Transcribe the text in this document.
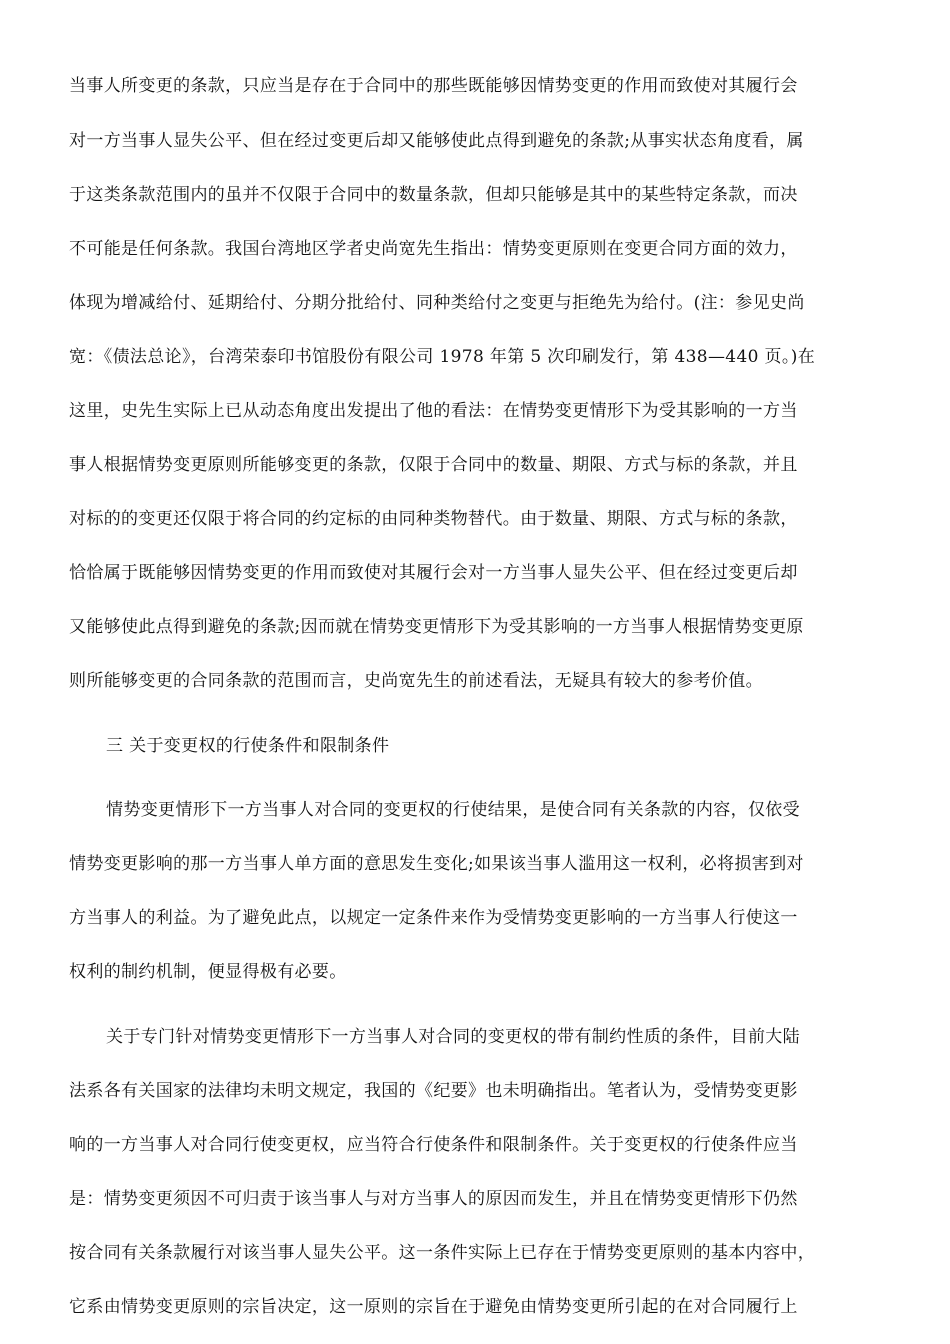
当事人所变更的条款，只应当是存在于合同中的那些既能够因情势变更的作用而致使对其履行会
对一方当事人显失公平、但在经过变更后却又能够使此点得到避免的条款;从事实状态角度看，属
于这类条款范围内的虽并不仅限于合同中的数量条款，但却只能够是其中的某些特定条款，而决
不可能是任何条款。我国台湾地区学者史尚宽先生指出：情势变更原则在变更合同方面的效力，
体现为增减给付、延期给付、分期分批给付、同种类给付之变更与拒绝先为给付。(注：参见史尚
宽：《债法总论》，台湾荣泰印书馆股份有限公司 1978 年第 5 次印刷发行，第 438—440 页。)在
这里，史先生实际上已从动态角度出发提出了他的看法：在情势变更情形下为受其影响的一方当
事人根据情势变更原则所能够变更的条款，仅限于合同中的数量、期限、方式与标的条款，并且
对标的的变更还仅限于将合同的约定标的由同种类物替代。由于数量、期限、方式与标的条款，
恰恰属于既能够因情势变更的作用而致使对其履行会对一方当事人显失公平、但在经过变更后却
又能够使此点得到避免的条款;因而就在情势变更情形下为受其影响的一方当事人根据情势变更原
则所能够变更的合同条款的范围而言，史尚宽先生的前述看法，无疑具有较大的参考价值。
三 关于变更权的行使条件和限制条件
情势变更情形下一方当事人对合同的变更权的行使结果，是使合同有关条款的内容，仅依受
情势变更影响的那一方当事人单方面的意思发生变化;如果该当事人滥用这一权利，必将损害到对
方当事人的利益。为了避免此点，以规定一定条件来作为受情势变更影响的一方当事人行使这一
权利的制约机制，便显得极有必要。
关于专门针对情势变更情形下一方当事人对合同的变更权的带有制约性质的条件，目前大陆
法系各有关国家的法律均未明文规定，我国的《纪要》也未明确指出。笔者认为，受情势变更影
响的一方当事人对合同行使变更权，应当符合行使条件和限制条件。关于变更权的行使条件应当
是：情势变更须因不可归责于该当事人与对方当事人的原因而发生，并且在情势变更情形下仍然
按合同有关条款履行对该当事人显失公平。这一条件实际上已存在于情势变更原则的基本内容中，
它系由情势变更原则的宗旨决定，这一原则的宗旨在于避免由情势变更所引起的在对合同履行上
